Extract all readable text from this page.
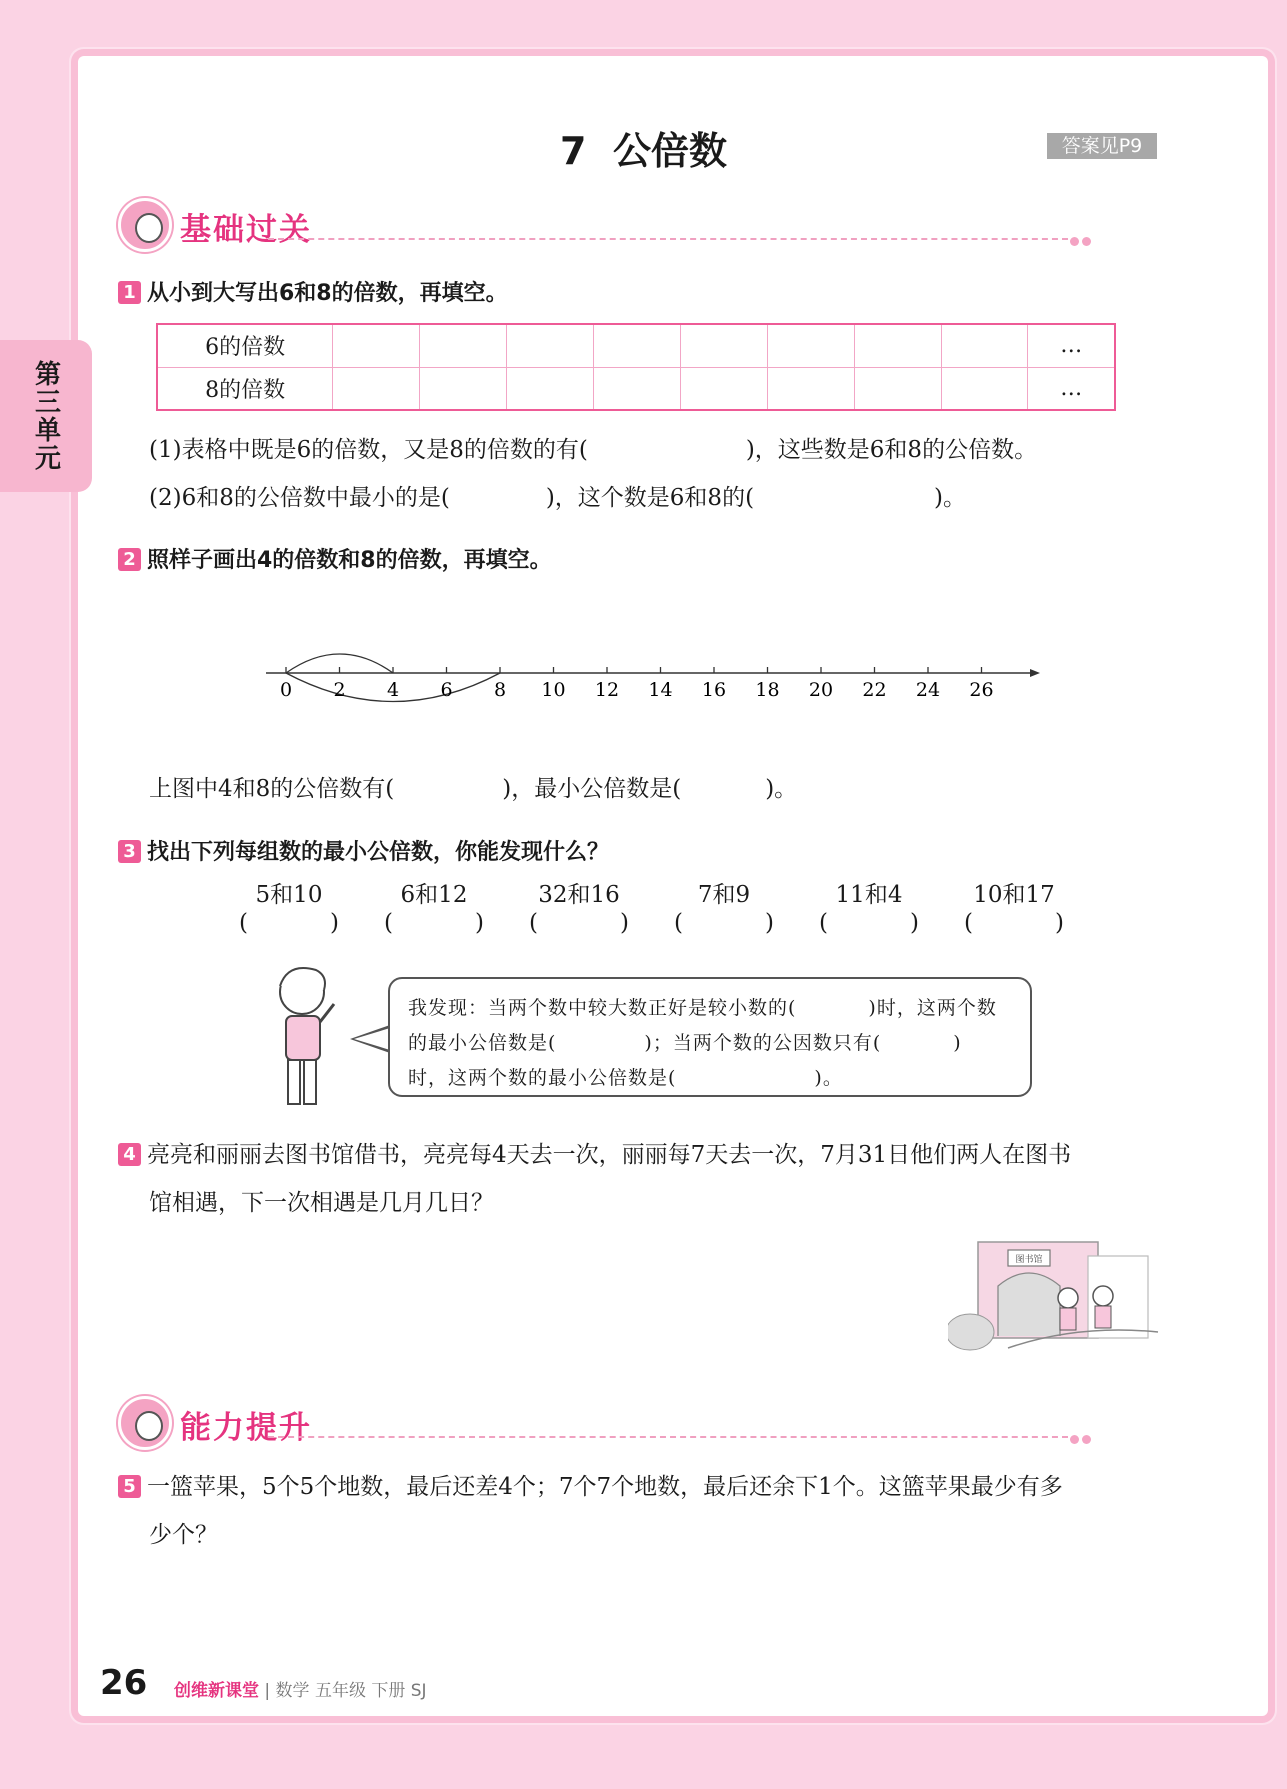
第三单元
7  公倍数	答案见P9
基础过关
1 从小到大写出6和8的倍数，再填空。
6的倍数									…
8的倍数									…
(1)表格中既是6的倍数，又是8的倍数的有(	)，这些数是6和8的公倍数。
(2)6和8的公倍数中最小的是(	)，这个数是6和8的(	)。
2 照样子画出4的倍数和8的倍数，再填空。
0 2 4 6 8 10 12 14 16 18 20 22 24 26
上图中4和8的公倍数有(	)，最小公倍数是(	)。
3 找出下列每组数的最小公倍数，你能发现什么？
5和10
(	)
6和12
(	)
32和16
(	)
7和9
(	)
11和4
(	)
10和17
(	)
我发现：当两个数中较大数正好是较小数的(	)时，这两个数
的最小公倍数是(	)；当两个数的公因数只有(	)
时，这两个数的最小公倍数是(	)。
4 亮亮和丽丽去图书馆借书，亮亮每4天去一次，丽丽每7天去一次，7月31日他们两人在图书
馆相遇，下一次相遇是几月几日？
图书馆
能力提升
5 一篮苹果，5个5个地数，最后还差4个；7个7个地数，最后还余下1个。这篮苹果最少有多
少个？
26 创维新课堂 | 数学 五年级 下册 SJ
